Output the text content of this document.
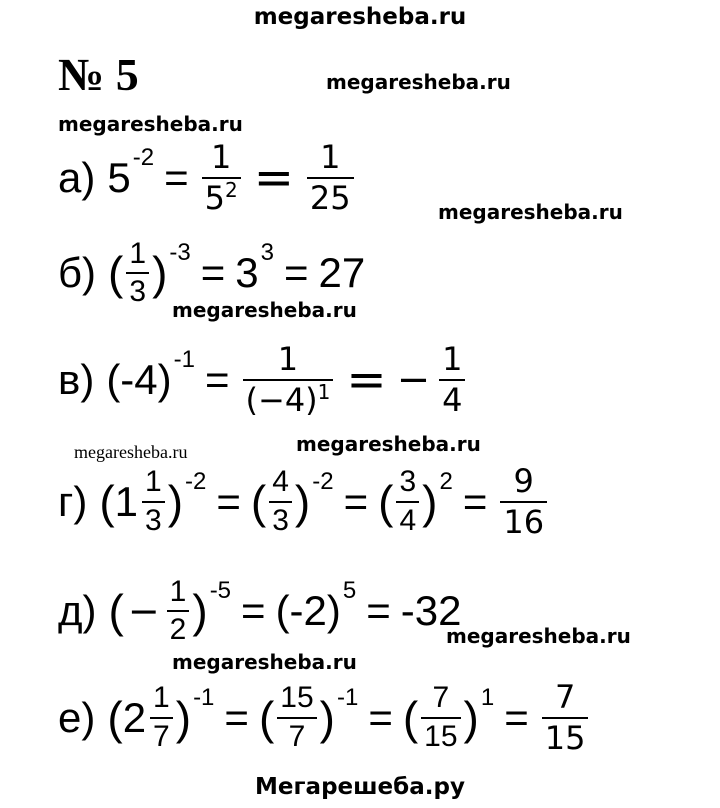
megaresheba.ru
№ 5	megaresheba.ru
megaresheba.ru
а) 5 $-2 = \frac{1}{5^2} = \frac{1}{25}$	megaresheba.ru
б) ( $\frac{1}{3}$ ) -3 = 3 3 = 27
megaresheba.ru
в) (-4) $-1 = \frac{1}{(-4)^1}$ = − $\frac{1}{4}$
megaresheba.ru	megaresheba.ru
г) ( $1 \frac{1}{3}$ ) -2 = ( $\frac{4}{3}$ ) -2 = ( $\frac{3}{4}$ ) $2 = \frac{9}{16}$
д) ( − $\frac{1}{2}$ ) -5 = (-2) 5 = -32
megaresheba.ru
megaresheba.ru
е) ( $2 \frac{1}{7}$ ) -1 = ( $\frac{15}{7}$ ) -1 = ( $\frac{7}{15}$ ) $1 = \frac{7}{15}$
Мегарешеба.ру
